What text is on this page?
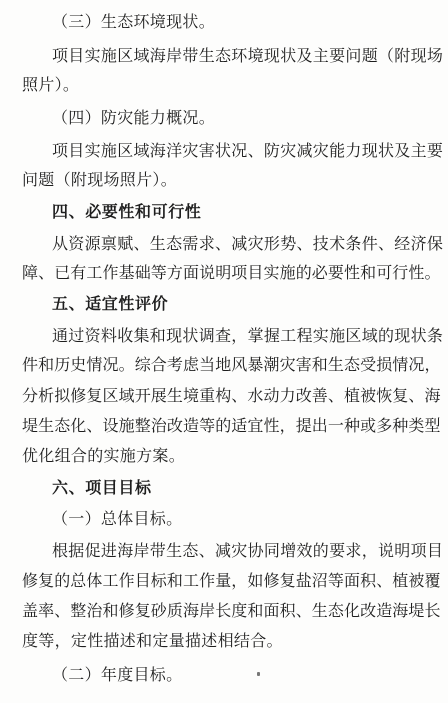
（三）生态环境现状。
项目实施区域海岸带生态环境现状及主要问题（附现场
照片）。
（四）防灾能力概况。
项目实施区域海洋灾害状况、防灾减灾能力现状及主要
问题（附现场照片）。
四、必要性和可行性
从资源禀赋、生态需求、减灾形势、技术条件、经济保
障、已有工作基础等方面说明项目实施的必要性和可行性。
五、适宜性评价
通过资料收集和现状调查，掌握工程实施区域的现状条
件和历史情况。综合考虑当地风暴潮灾害和生态受损情况，
分析拟修复区域开展生境重构、水动力改善、植被恢复、海
堤生态化、设施整治改造等的适宜性，提出一种或多种类型
优化组合的实施方案。
六、项目目标
（一）总体目标。
根据促进海岸带生态、减灾协同增效的要求，说明项目
修复的总体工作目标和工作量，如修复盐沼等面积、植被覆
盖率、整治和修复砂质海岸长度和面积、生态化改造海堤长
度等，定性描述和定量描述相结合。
（二）年度目标。
